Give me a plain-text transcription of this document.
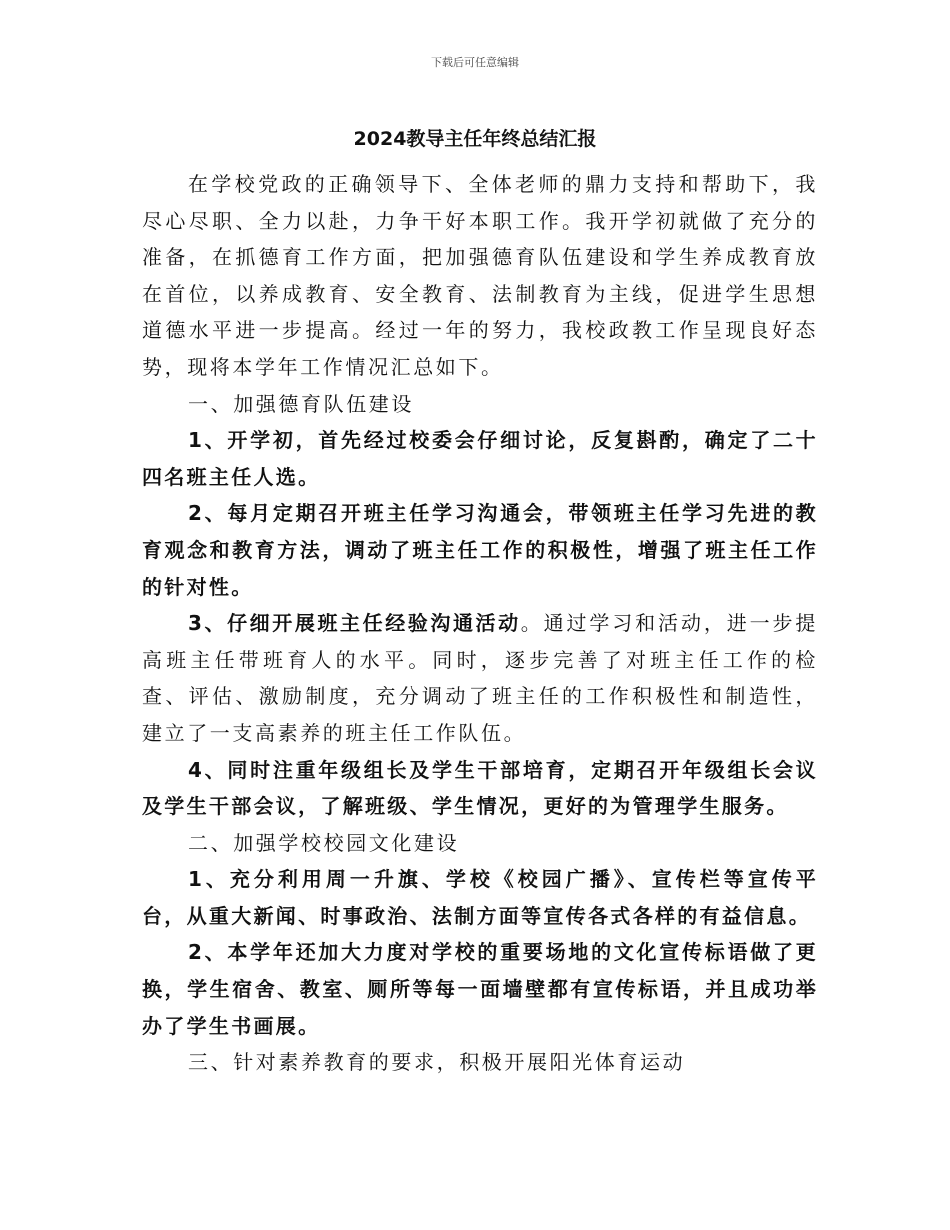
下载后可任意编辑
2024教导主任年终总结汇报

在学校党政的正确领导下、全体老师的鼎力支持和帮助下，我尽心尽职、全力以赴，力争干好本职工作。我开学初就做了充分的准备，在抓德育工作方面，把加强德育队伍建设和学生养成教育放在首位，以养成教育、安全教育、法制教育为主线，促进学生思想道德水平进一步提高。经过一年的努力，我校政教工作呈现良好态势，现将本学年工作情况汇总如下。

一、加强德育队伍建设

1、开学初，首先经过校委会仔细讨论，反复斟酌，确定了二十四名班主任人选。

2、每月定期召开班主任学习沟通会，带领班主任学习先进的教育观念和教育方法，调动了班主任工作的积极性，增强了班主任工作的针对性。

3、仔细开展班主任经验沟通活动。通过学习和活动，进一步提高班主任带班育人的水平。同时，逐步完善了对班主任工作的检查、评估、激励制度，充分调动了班主任的工作积极性和制造性，建立了一支高素养的班主任工作队伍。

4、同时注重年级组长及学生干部培育，定期召开年级组长会议及学生干部会议，了解班级、学生情况，更好的为管理学生服务。

二、加强学校校园文化建设

1、充分利用周一升旗、学校《校园广播》、宣传栏等宣传平台，从重大新闻、时事政治、法制方面等宣传各式各样的有益信息。

2、本学年还加大力度对学校的重要场地的文化宣传标语做了更换，学生宿舍、教室、厕所等每一面墙壁都有宣传标语，并且成功举办了学生书画展。

三、针对素养教育的要求，积极开展阳光体育运动
